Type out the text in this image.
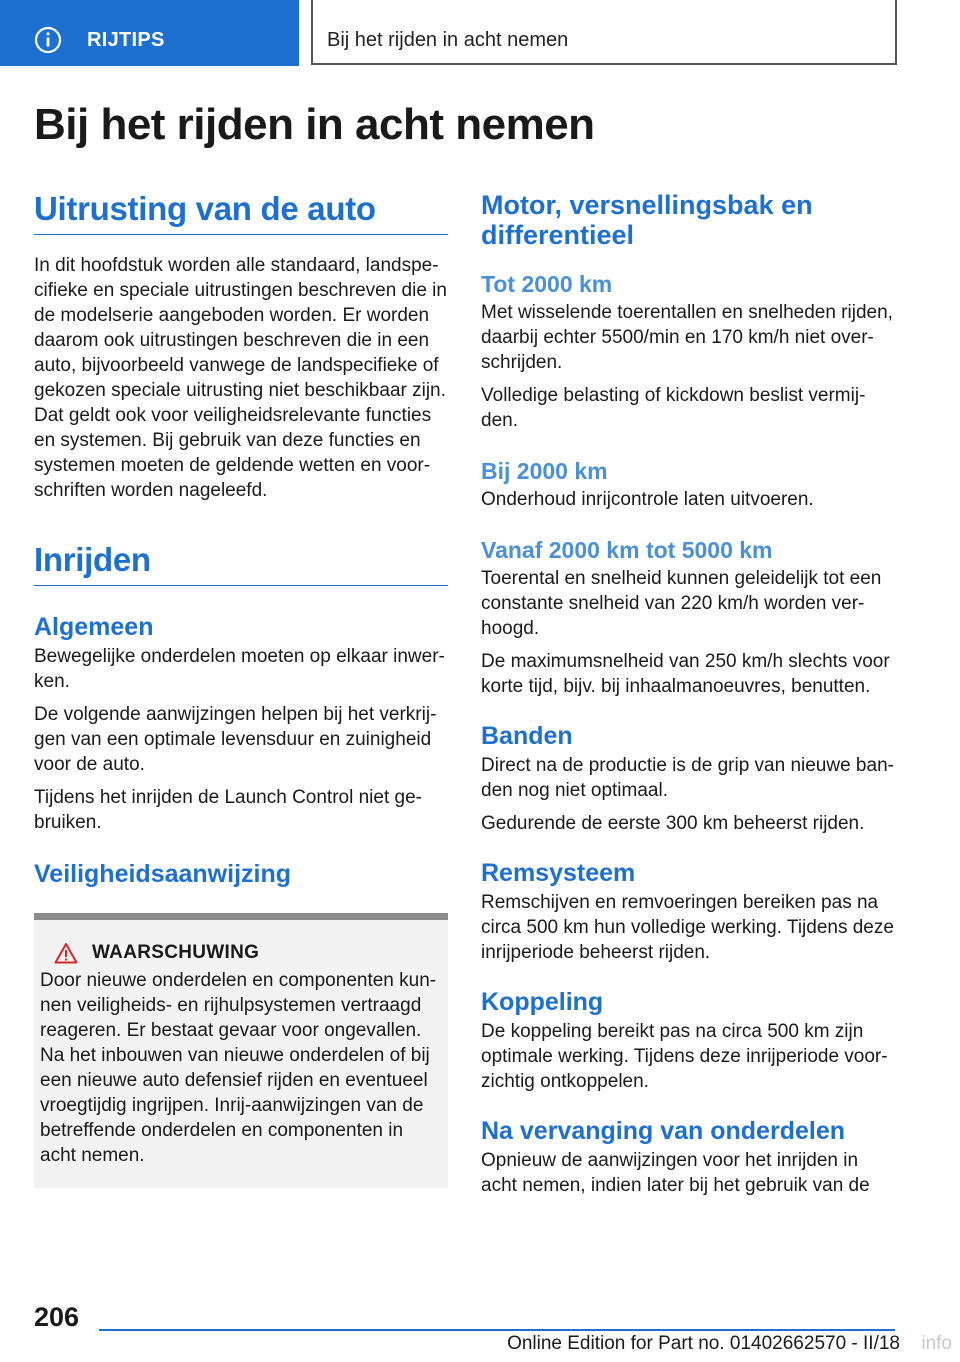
RIJTIPS	Bij het rijden in acht nemen
Bij het rijden in acht nemen
Uitrusting van de auto

In dit hoofdstuk worden alle standaard, landspe-cifieke en speciale uitrustingen beschreven die in de modelserie aangeboden worden. Er worden daarom ook uitrustingen beschreven die in een auto, bijvoorbeeld vanwege de landspecifieke of gekozen speciale uitrusting niet beschikbaar zijn. Dat geldt ook voor veiligheidsrelevante functies en systemen. Bij gebruik van deze functies en systemen moeten de geldende wetten en voor-schriften worden nageleefd.

Inrijden
Algemeen

Bewegelijke onderdelen moeten op elkaar inwer-ken.

De volgende aanwijzingen helpen bij het verkrij-gen van een optimale levensduur en zuinigheid voor de auto.

Tijdens het inrijden de Launch Control niet ge-bruiken.

Veiligheidsaanwijzing
WAARSCHUWING

Door nieuwe onderdelen en componenten kun-nen veiligheids- en rijhulpsystemen vertraagd reageren. Er bestaat gevaar voor ongevallen.

Na het inbouwen van nieuwe onderdelen of bij een nieuwe auto defensief rijden en eventueel vroegtijdig ingrijpen. Inrij-aanwijzingen van de betreffende onderdelen en componenten in acht nemen.

Motor, versnellingsbak en differentieel
Tot 2000 km

Met wisselende toerentallen en snelheden rijden, daarbij echter 5500/min en 170 km/h niet over-schrijden.

Volledige belasting of kickdown beslist vermij-den.

Bij 2000 km

Onderhoud inrijcontrole laten uitvoeren.

Vanaf 2000 km tot 5000 km

Toerental en snelheid kunnen geleidelijk tot een constante snelheid van 220 km/h worden ver-hoogd.

De maximumsnelheid van 250 km/h slechts voor korte tijd, bijv. bij inhaalmanoeuvres, benutten.

Banden

Direct na de productie is de grip van nieuwe ban-den nog niet optimaal.

Gedurende de eerste 300 km beheerst rijden.

Remsysteem

Remschijven en remvoeringen bereiken pas na circa 500 km hun volledige werking. Tijdens deze inrijperiode beheerst rijden.

Koppeling

De koppeling bereikt pas na circa 500 km zijn optimale werking. Tijdens deze inrijperiode voor-zichtig ontkoppelen.

Na vervanging van onderdelen

Opnieuw de aanwijzingen voor het inrijden in acht nemen, indien later bij het gebruik van de

206
Online Edition for Part no. 01402662570 - II/18 info
